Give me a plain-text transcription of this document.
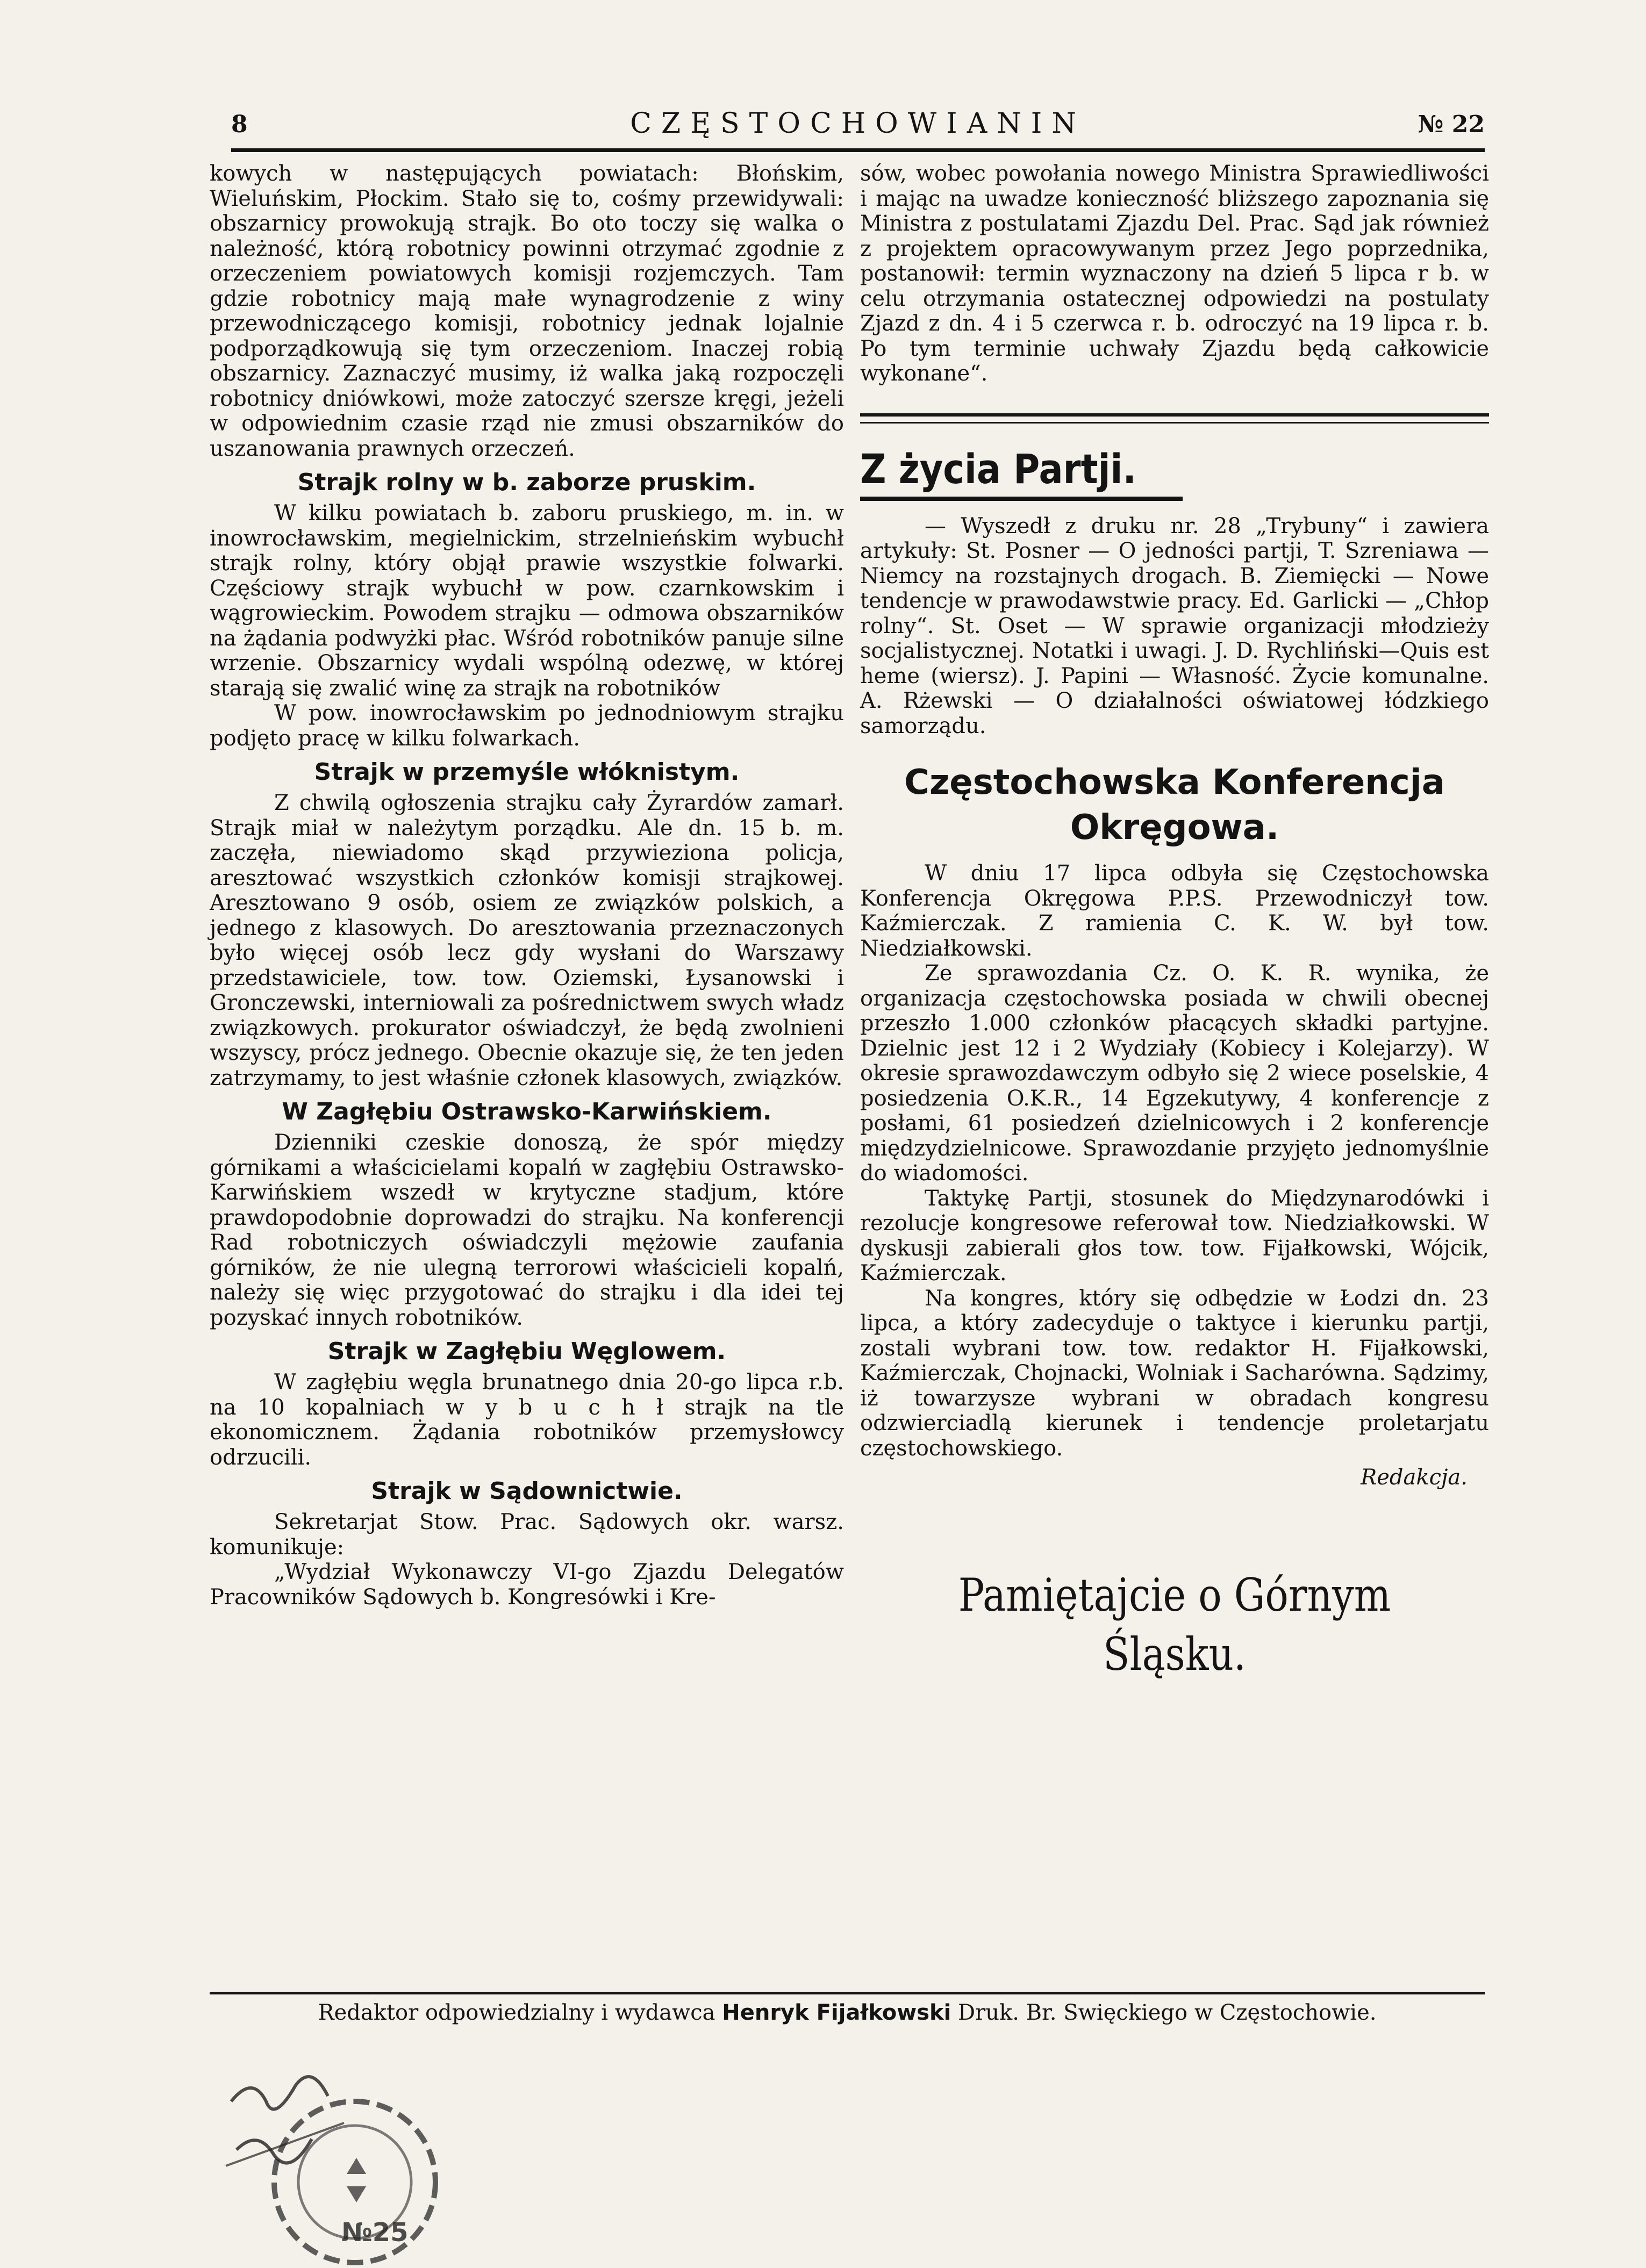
8	CZĘSTOCHOWIANIN	№ 22

kowych w następujących powiatach: Błońskim, Wieluńskim, Płockim. Stało się to, cośmy przewidywali: obszarnicy prowokują strajk. Bo oto toczy się walka o należność, którą robotnicy powinni otrzymać zgodnie z orzeczeniem powiatowych komisji rozjemczych. Tam gdzie robotnicy mają małe wynagrodzenie z winy przewodniczącego komisji, robotnicy jednak lojalnie podporządkowują się tym orzeczeniom. Inaczej robią obszarnicy. Zaznaczyć musimy, iż walka jaką rozpoczęli robotnicy dniówkowi, może zatoczyć szersze kręgi, jeżeli w odpowiednim czasie rząd nie zmusi obszarników do uszanowania prawnych orzeczeń.

Strajk rolny w b. zaborze pruskim.

W kilku powiatach b. zaboru pruskiego, m. in. w inowrocławskim, megielnickim, strzelnieńskim wybuchł strajk rolny, który objął prawie wszystkie folwarki. Częściowy strajk wybuchł w pow. czarnkowskim i wągrowieckim. Powodem strajku — odmowa obszarników na żądania podwyżki płac. Wśród robotników panuje silne wrzenie. Obszarnicy wydali wspólną odezwę, w której starają się zwalić winę za strajk na robotników

W pow. inowrocławskim po jednodniowym strajku podjęto pracę w kilku folwarkach.

Strajk w przemyśle włóknistym.

Z chwilą ogłoszenia strajku cały Żyrardów zamarł. Strajk miał w należytym porządku. Ale dn. 15 b. m. zaczęła, niewiadomo skąd przywieziona policja, aresztować wszystkich członków komisji strajkowej. Aresztowano 9 osób, osiem ze związków polskich, a jednego z klasowych. Do aresztowania przeznaczonych było więcej osób lecz gdy wysłani do Warszawy przedstawiciele, tow. tow. Oziemski, Łysanowski i Gronczewski, interniowali za pośrednictwem swych władz związkowych. prokurator oświadczył, że będą zwolnieni wszyscy, prócz jednego. Obecnie okazuje się, że ten jeden zatrzymamy, to jest właśnie członek klasowych, związków.

W Zagłębiu Ostrawsko-Karwińskiem.

Dzienniki czeskie donoszą, że spór między górnikami a właścicielami kopalń w zagłębiu Ostrawsko-Karwińskiem wszedł w krytyczne stadjum, które prawdopodobnie doprowadzi do strajku. Na konferencji Rad robotniczych oświadczyli mężowie zaufania górników, że nie ulegną terrorowi właścicieli kopalń, należy się więc przygotować do strajku i dla idei tej pozyskać innych robotników.

Strajk w Zagłębiu Węglowem.

W zagłębiu węgla brunatnego dnia 20-go lipca r.b. na 10 kopalniach w y b u c h ł strajk na tle ekonomicznem. Żądania robotników przemysłowcy odrzucili.

Strajk w Sądownictwie.

Sekretarjat Stow. Prac. Sądowych okr. warsz. komunikuje:

„Wydział Wykonawczy VI-go Zjazdu Delegatów Pracowników Sądowych b. Kongresówki i Kre-

sów, wobec powołania nowego Ministra Sprawiedliwości i mając na uwadze konieczność bliższego zapoznania się Ministra z postulatami Zjazdu Del. Prac. Sąd jak również z projektem opracowywanym przez Jego poprzednika, postanowił: termin wyznaczony na dzień 5 lipca r b. w celu otrzymania ostatecznej odpowiedzi na postulaty Zjazd z dn. 4 i 5 czerwca r. b. odroczyć na 19 lipca r. b. Po tym terminie uchwały Zjazdu będą całkowicie wykonane“.

Z życia Partji.

— Wyszedł z druku nr. 28 „Trybuny“ i zawiera artykuły: St. Posner — O jedności partji, T. Szreniawa — Niemcy na rozstajnych drogach. B. Ziemięcki — Nowe tendencje w prawodawstwie pracy. Ed. Garlicki — „Chłop rolny“. St. Oset — W sprawie organizacji młodzieży socjalistycznej. Notatki i uwagi. J. D. Rychliński—Quis est heme (wiersz). J. Papini — Własność. Życie komunalne. A. Rżewski — O działalności oświatowej łódzkiego samorządu.

Częstochowska Konferencja Okręgowa.

W dniu 17 lipca odbyła się Częstochowska Konferencja Okręgowa P.P.S. Przewodniczył tow. Kaźmierczak. Z ramienia C. K. W. był tow. Niedziałkowski.

Ze sprawozdania Cz. O. K. R. wynika, że organizacja częstochowska posiada w chwili obecnej przeszło 1.000 członków płacących składki partyjne. Dzielnic jest 12 i 2 Wydziały (Kobiecy i Kolejarzy). W okresie sprawozdawczym odbyło się 2 wiece poselskie, 4 posiedzenia O.K.R., 14 Egzekutywy, 4 konferencje z posłami, 61 posiedzeń dzielnicowych i 2 konferencje międzydzielnicowe. Sprawozdanie przyjęto jednomyślnie do wiadomości.

Taktykę Partji, stosunek do Międzynarodówki i rezolucje kongresowe referował tow. Niedziałkowski. W dyskusji zabierali głos tow. tow. Fijałkowski, Wójcik, Kaźmierczak.

Na kongres, który się odbędzie w Łodzi dn. 23 lipca, a który zadecyduje o taktyce i kierunku partji, zostali wybrani tow. tow. redaktor H. Fijałkowski, Kaźmierczak, Chojnacki, Wolniak i Sacharówna. Sądzimy, iż towarzysze wybrani w obradach kongresu odzwierciadlą kierunek i tendencje proletarjatu częstochowskiego.

Redakcja.

Pamiętajcie o Górnym Śląsku.
Redaktor odpowiedzialny i wydawca Henryk Fijałkowski Druk. Br. Swięckiego w Częstochowie.
№25
